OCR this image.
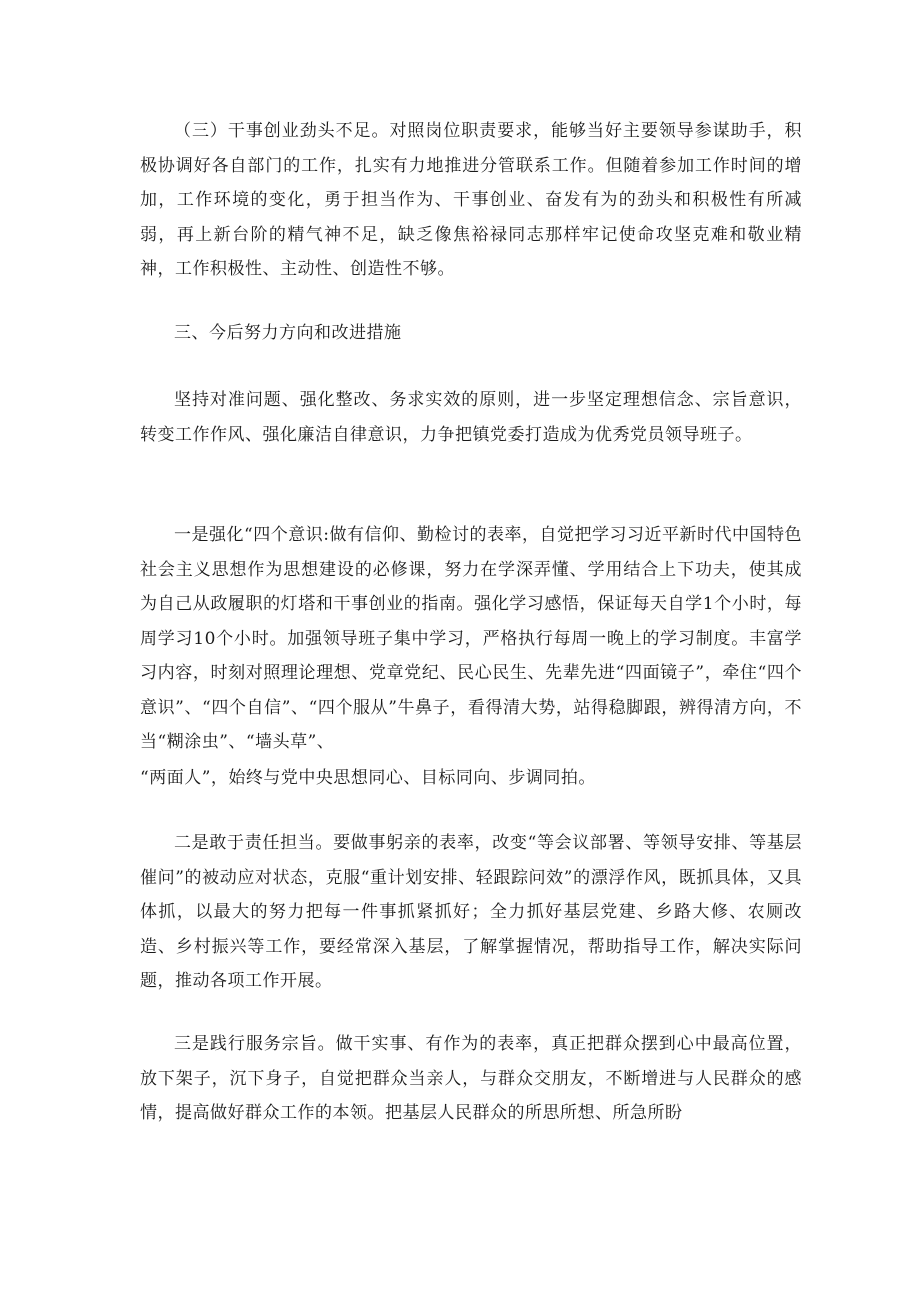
（三）干事创业劲头不足。对照岗位职责要求，能够当好主要领导参谋助手，积极协调好各自部门的工作，扎实有力地推进分管联系工作。但随着参加工作时间的增加，工作环境的变化，勇于担当作为、干事创业、奋发有为的劲头和积极性有所减弱，再上新台阶的精气神不足，缺乏像焦裕禄同志那样牢记使命攻坚克难和敬业精神，工作积极性、主动性、创造性不够。

三、今后努力方向和改进措施

坚持对准问题、强化整改、务求实效的原则，进一步坚定理想信念、宗旨意识，转变工作作风、强化廉洁自律意识，力争把镇党委打造成为优秀党员领导班子。

一是强化“四个意识:做有信仰、勤检讨的表率，自觉把学习习近平新时代中国特色社会主义思想作为思想建设的必修课，努力在学深弄懂、学用结合上下功夫，使其成为自己从政履职的灯塔和干事创业的指南。强化学习感悟，保证每天自学1个小时，每周学习10个小时。加强领导班子集中学习，严格执行每周一晚上的学习制度。丰富学习内容，时刻对照理论理想、党章党纪、民心民生、先辈先进“四面镜子”，牵住“四个意识”、“四个自信”、“四个服从”牛鼻子，看得清大势，站得稳脚跟，辨得清方向，不当“糊涂虫”、“墙头草”、

“两面人”，始终与党中央思想同心、目标同向、步调同拍。

二是敢于责任担当。要做事躬亲的表率，改变“等会议部署、等领导安排、等基层催问”的被动应对状态，克服“重计划安排、轻跟踪问效”的漂浮作风，既抓具体，又具体抓，以最大的努力把每一件事抓紧抓好；全力抓好基层党建、乡路大修、农厕改造、乡村振兴等工作，要经常深入基层，了解掌握情况，帮助指导工作，解决实际问题，推动各项工作开展。

三是践行服务宗旨。做干实事、有作为的表率，真正把群众摆到心中最高位置，放下架子，沉下身子，自觉把群众当亲人，与群众交朋友，不断增进与人民群众的感情，提高做好群众工作的本领。把基层人民群众的所思所想、所急所盼
